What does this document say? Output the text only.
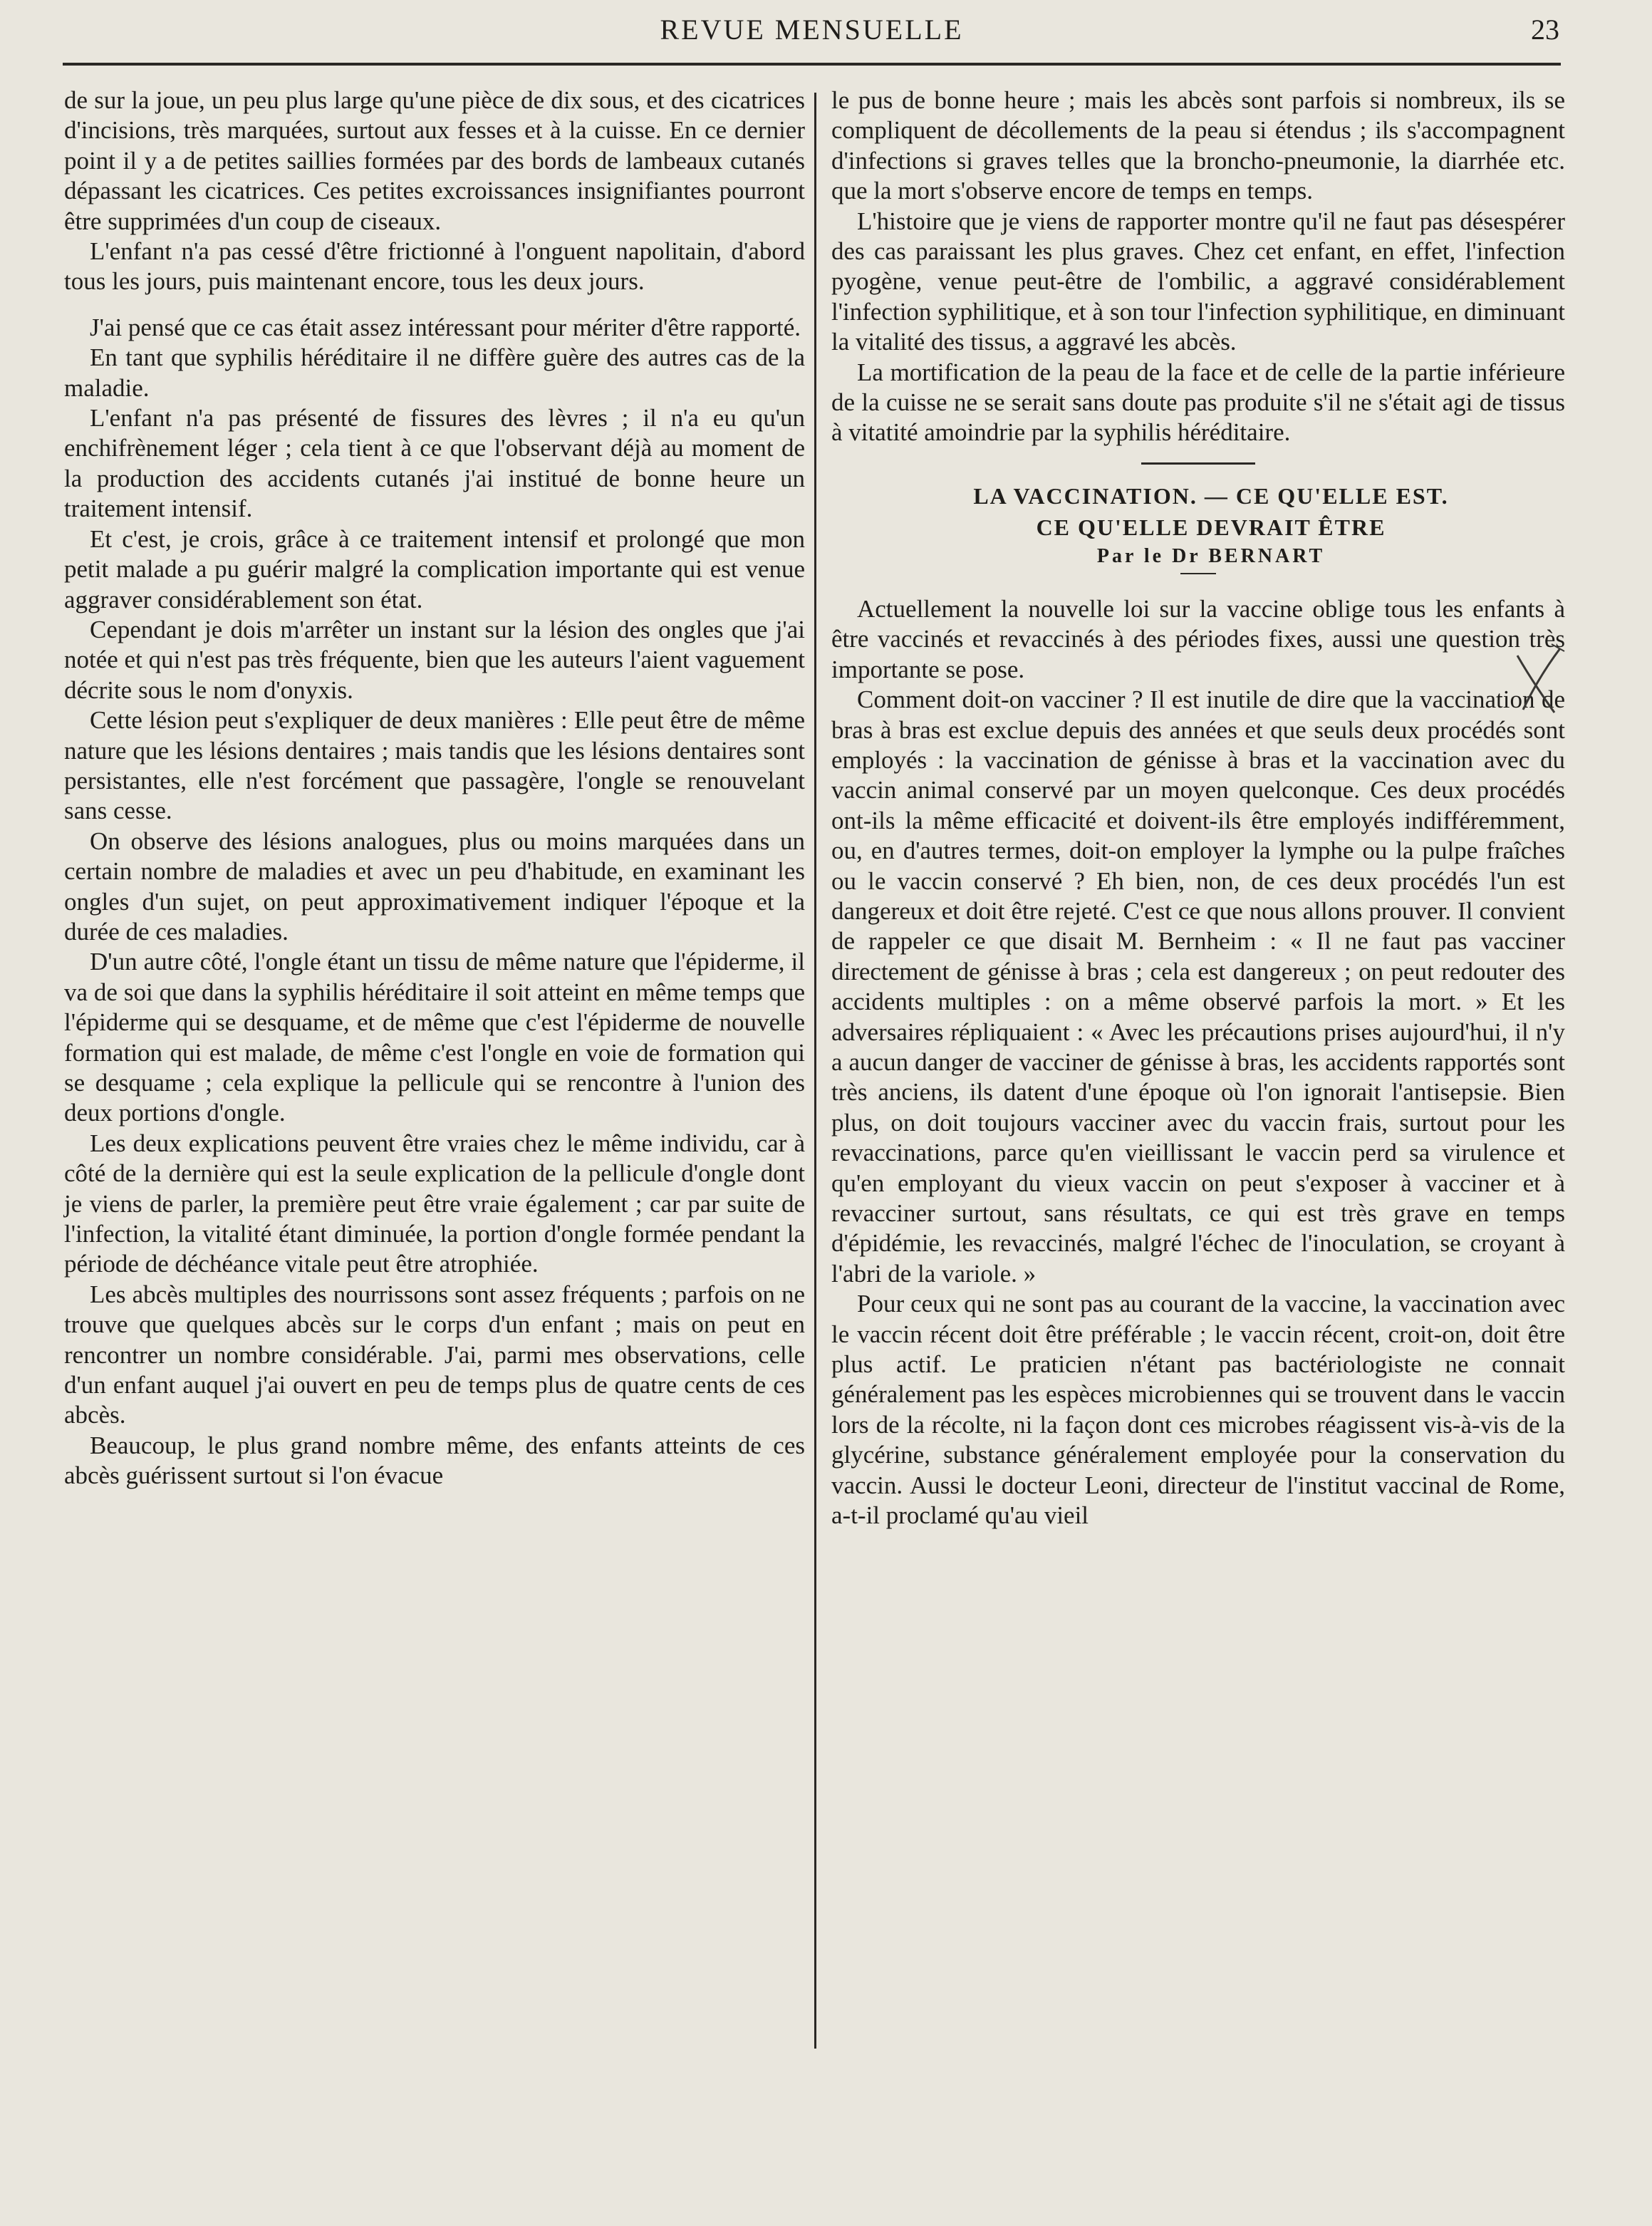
REVUE MENSUELLE	23

de sur la joue, un peu plus large qu'une pièce de dix sous, et des cicatrices d'incisions, très marquées, surtout aux fesses et à la cuisse. En ce dernier point il y a de petites saillies formées par des bords de lambeaux cutanés dépassant les cicatrices. Ces petites excroissances insignifiantes pourront être supprimées d'un coup de ciseaux.

L'enfant n'a pas cessé d'être frictionné à l'onguent napolitain, d'abord tous les jours, puis maintenant encore, tous les deux jours.

J'ai pensé que ce cas était assez intéressant pour mériter d'être rapporté.

En tant que syphilis héréditaire il ne diffère guère des autres cas de la maladie.

L'enfant n'a pas présenté de fissures des lèvres ; il n'a eu qu'un enchifrènement léger ; cela tient à ce que l'observant déjà au moment de la production des accidents cutanés j'ai institué de bonne heure un traitement intensif.

Et c'est, je crois, grâce à ce traitement intensif et prolongé que mon petit malade a pu guérir malgré la complication importante qui est venue aggraver considérablement son état.

Cependant je dois m'arrêter un instant sur la lésion des ongles que j'ai notée et qui n'est pas très fréquente, bien que les auteurs l'aient vaguement décrite sous le nom d'onyxis.

Cette lésion peut s'expliquer de deux manières : Elle peut être de même nature que les lésions dentaires ; mais tandis que les lésions dentaires sont persistantes, elle n'est forcément que passagère, l'ongle se renouvelant sans cesse.

On observe des lésions analogues, plus ou moins marquées dans un certain nombre de maladies et avec un peu d'habitude, en examinant les ongles d'un sujet, on peut approximativement indiquer l'époque et la durée de ces maladies.

D'un autre côté, l'ongle étant un tissu de même nature que l'épiderme, il va de soi que dans la syphilis héréditaire il soit atteint en même temps que l'épiderme qui se desquame, et de même que c'est l'épiderme de nouvelle formation qui est malade, de même c'est l'ongle en voie de formation qui se desquame ; cela explique la pellicule qui se rencontre à l'union des deux portions d'ongle.

Les deux explications peuvent être vraies chez le même individu, car à côté de la dernière qui est la seule explication de la pellicule d'ongle dont je viens de parler, la première peut être vraie également ; car par suite de l'infection, la vitalité étant diminuée, la portion d'ongle formée pendant la période de déchéance vitale peut être atrophiée.

Les abcès multiples des nourrissons sont assez fréquents ; parfois on ne trouve que quelques abcès sur le corps d'un enfant ; mais on peut en rencontrer un nombre considérable. J'ai, parmi mes observations, celle d'un enfant auquel j'ai ouvert en peu de temps plus de quatre cents de ces abcès.

Beaucoup, le plus grand nombre même, des enfants atteints de ces abcès guérissent surtout si l'on évacue

le pus de bonne heure ; mais les abcès sont parfois si nombreux, ils se compliquent de décollements de la peau si étendus ; ils s'accompagnent d'infections si graves telles que la broncho-pneumonie, la diarrhée etc. que la mort s'observe encore de temps en temps.

L'histoire que je viens de rapporter montre qu'il ne faut pas désespérer des cas paraissant les plus graves. Chez cet enfant, en effet, l'infection pyogène, venue peut-être de l'ombilic, a aggravé considérablement l'infection syphilitique, et à son tour l'infection syphilitique, en diminuant la vitalité des tissus, a aggravé les abcès.

La mortification de la peau de la face et de celle de la partie inférieure de la cuisse ne se serait sans doute pas produite s'il ne s'était agi de tissus à vitatité amoindrie par la syphilis héréditaire.

LA VACCINATION. — CE QU'ELLE EST.

CE QU'ELLE DEVRAIT ÊTRE

Par le Dr BERNART

Actuellement la nouvelle loi sur la vaccine oblige tous les enfants à être vaccinés et revaccinés à des périodes fixes, aussi une question très importante se pose.

Comment doit-on vacciner ? Il est inutile de dire que la vaccination de bras à bras est exclue depuis des années et que seuls deux procédés sont employés : la vaccination de génisse à bras et la vaccination avec du vaccin animal conservé par un moyen quelconque. Ces deux procédés ont-ils la même efficacité et doivent-ils être employés indifféremment, ou, en d'autres termes, doit-on employer la lymphe ou la pulpe fraîches ou le vaccin conservé ? Eh bien, non, de ces deux procédés l'un est dangereux et doit être rejeté. C'est ce que nous allons prouver. Il convient de rappeler ce que disait M. Bernheim : « Il ne faut pas vacciner directement de génisse à bras ; cela est dangereux ; on peut redouter des accidents multiples : on a même observé parfois la mort. » Et les adversaires répliquaient : « Avec les précautions prises aujourd'hui, il n'y a aucun danger de vacciner de génisse à bras, les accidents rapportés sont très anciens, ils datent d'une époque où l'on ignorait l'antisepsie. Bien plus, on doit toujours vacciner avec du vaccin frais, surtout pour les revaccinations, parce qu'en vieillissant le vaccin perd sa virulence et qu'en employant du vieux vaccin on peut s'exposer à vacciner et à revacciner surtout, sans résultats, ce qui est très grave en temps d'épidémie, les revaccinés, malgré l'échec de l'inoculation, se croyant à l'abri de la variole. »

Pour ceux qui ne sont pas au courant de la vaccine, la vaccination avec le vaccin récent doit être préférable ; le vaccin récent, croit-on, doit être plus actif. Le praticien n'étant pas bactériologiste ne connait généralement pas les espèces microbiennes qui se trouvent dans le vaccin lors de la récolte, ni la façon dont ces microbes réagissent vis-à-vis de la glycérine, substance généralement employée pour la conservation du vaccin. Aussi le docteur Leoni, directeur de l'institut vaccinal de Rome, a-t-il proclamé qu'au vieil
